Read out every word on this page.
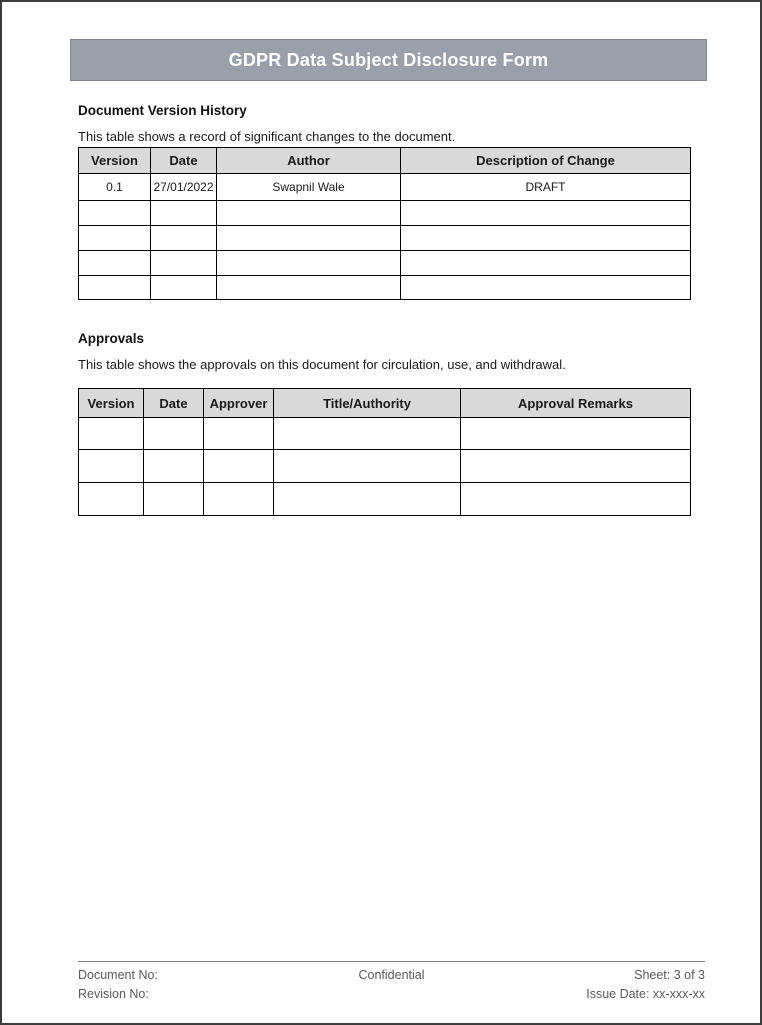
GDPR Data Subject Disclosure Form
Document Version History
This table shows a record of significant changes to the document.
Version	Date	Author	Description of Change
0.1	27/01/2022	Swapnil Wale	DRAFT

Approvals
This table shows the approvals on this document for circulation, use, and withdrawal.
Version	Date	Approver	Title/Authority	Approval Remarks

Document No:
Revision No:
Confidential	Sheet: 3 of 3
Issue Date: xx-xxx-xx
